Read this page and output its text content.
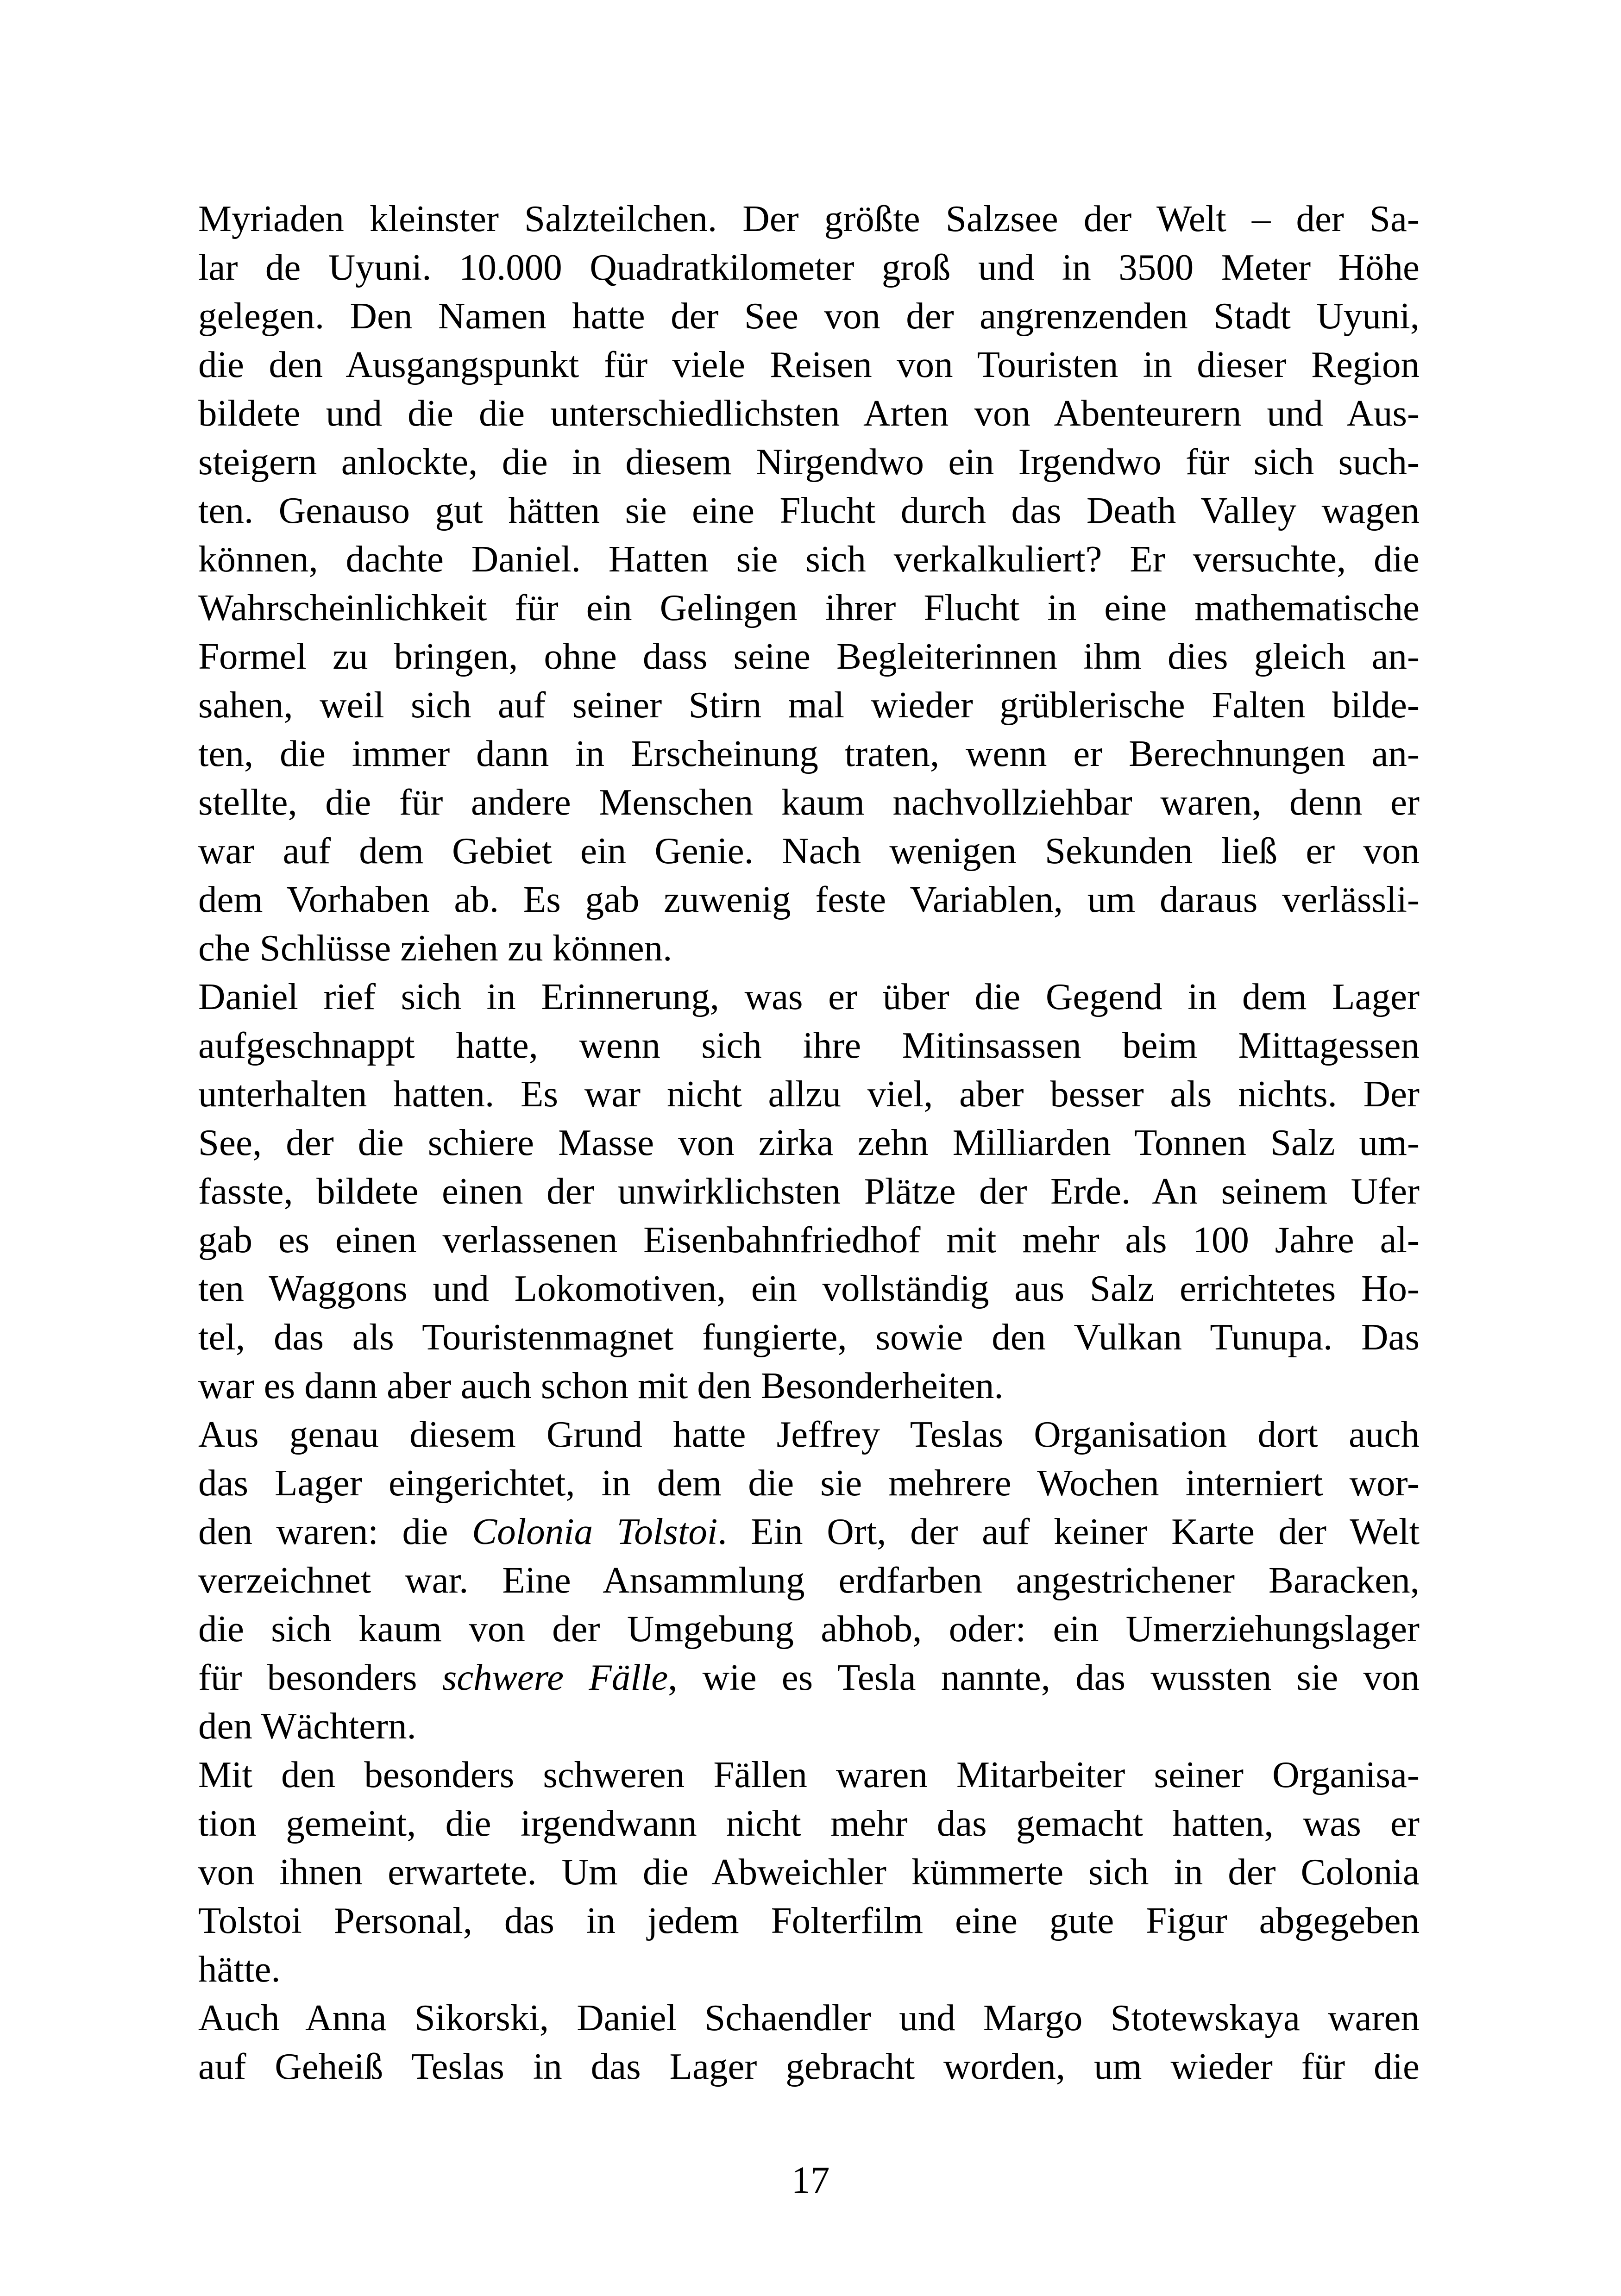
Myriaden kleinster Salzteilchen. Der größte Salzsee der Welt – der Sa-
lar de Uyuni. 10.000 Quadratkilometer groß und in 3500 Meter Höhe
gelegen. Den Namen hatte der See von der angrenzenden Stadt Uyuni,
die den Ausgangspunkt für viele Reisen von Touristen in dieser Region
bildete und die die unterschiedlichsten Arten von Abenteurern und Aus-
steigern anlockte, die in diesem Nirgendwo ein Irgendwo für sich such-
ten. Genauso gut hätten sie eine Flucht durch das Death Valley wagen
können, dachte Daniel. Hatten sie sich verkalkuliert? Er versuchte, die
Wahrscheinlichkeit für ein Gelingen ihrer Flucht in eine mathematische
Formel zu bringen, ohne dass seine Begleiterinnen ihm dies gleich an-
sahen, weil sich auf seiner Stirn mal wieder grüblerische Falten bilde-
ten, die immer dann in Erscheinung traten, wenn er Berechnungen an-
stellte, die für andere Menschen kaum nachvollziehbar waren, denn er
war auf dem Gebiet ein Genie. Nach wenigen Sekunden ließ er von
dem Vorhaben ab. Es gab zuwenig feste Variablen, um daraus verlässli-
che Schlüsse ziehen zu können.
Daniel rief sich in Erinnerung, was er über die Gegend in dem Lager
aufgeschnappt hatte, wenn sich ihre Mitinsassen beim Mittagessen
unterhalten hatten. Es war nicht allzu viel, aber besser als nichts. Der
See, der die schiere Masse von zirka zehn Milliarden Tonnen Salz um-
fasste, bildete einen der unwirklichsten Plätze der Erde. An seinem Ufer
gab es einen verlassenen Eisenbahnfriedhof mit mehr als 100 Jahre al-
ten Waggons und Lokomotiven, ein vollständig aus Salz errichtetes Ho-
tel, das als Touristenmagnet fungierte, sowie den Vulkan Tunupa. Das
war es dann aber auch schon mit den Besonderheiten.
Aus genau diesem Grund hatte Jeffrey Teslas Organisation dort auch
das Lager eingerichtet, in dem die sie mehrere Wochen interniert wor-
den waren: die Colonia Tolstoi. Ein Ort, der auf keiner Karte der Welt
verzeichnet war. Eine Ansammlung erdfarben angestrichener Baracken,
die sich kaum von der Umgebung abhob, oder: ein Umerziehungslager
für besonders schwere Fälle, wie es Tesla nannte, das wussten sie von
den Wächtern.
Mit den besonders schweren Fällen waren Mitarbeiter seiner Organisa-
tion gemeint, die irgendwann nicht mehr das gemacht hatten, was er
von ihnen erwartete. Um die Abweichler kümmerte sich in der Colonia
Tolstoi Personal, das in jedem Folterfilm eine gute Figur abgegeben
hätte.
Auch Anna Sikorski, Daniel Schaendler und Margo Stotewskaya waren
auf Geheiß Teslas in das Lager gebracht worden, um wieder für die
17
